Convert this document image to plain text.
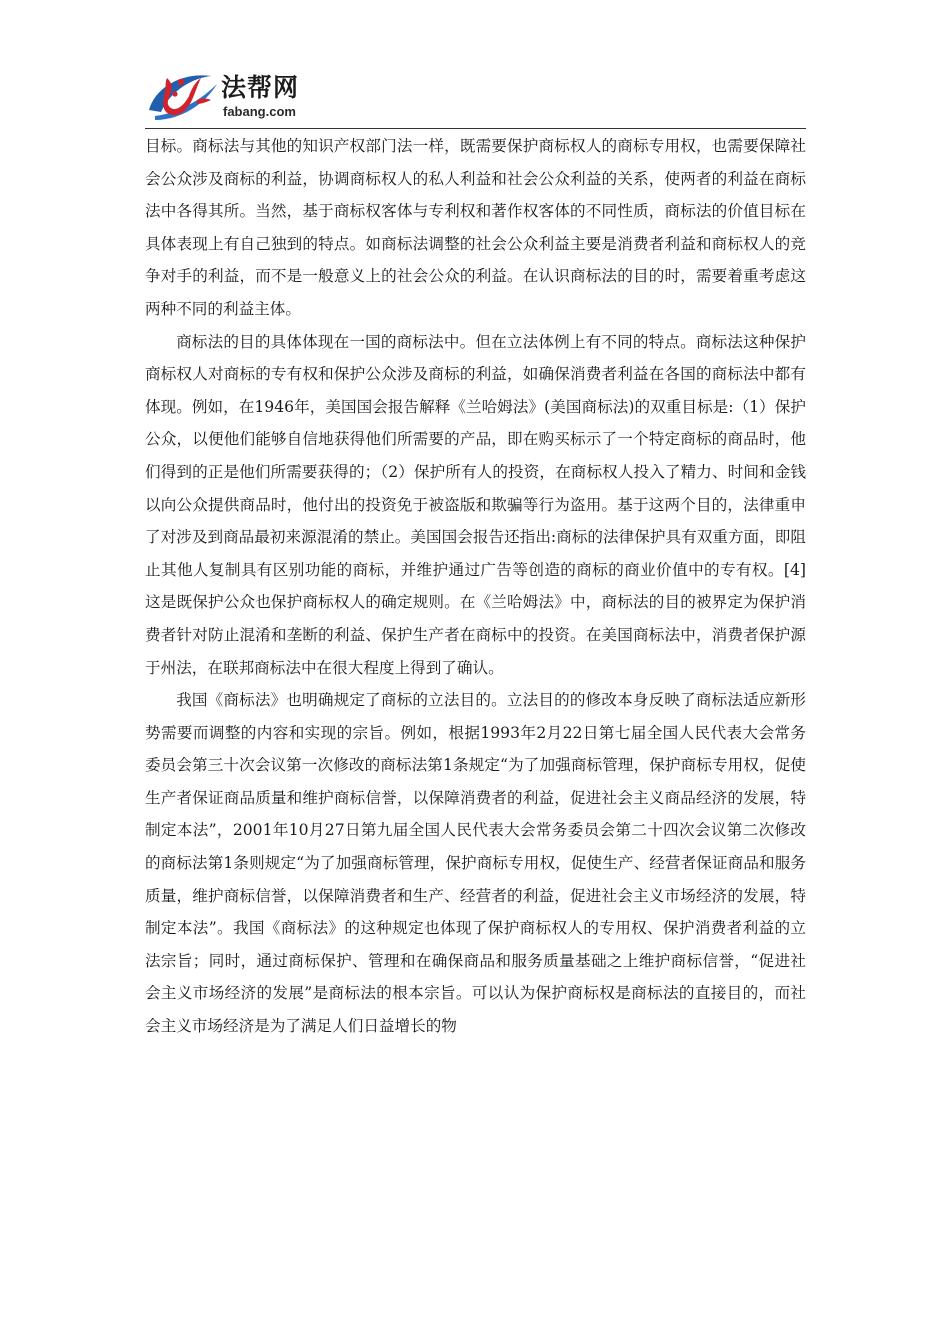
法帮网
fabang.com

目标。商标法与其他的知识产权部门法一样，既需要保护商标权人的商标专用权，也需要保障社会公众涉及商标的利益，协调商标权人的私人利益和社会公众利益的关系，使两者的利益在商标法中各得其所。当然，基于商标权客体与专利权和著作权客体的不同性质，商标法的价值目标在具体表现上有自己独到的特点。如商标法调整的社会公众利益主要是消费者利益和商标权人的竞争对手的利益，而不是一般意义上的社会公众的利益。在认识商标法的目的时，需要着重考虑这两种不同的利益主体。

商标法的目的具体体现在一国的商标法中。但在立法体例上有不同的特点。商标法这种保护商标权人对商标的专有权和保护公众涉及商标的利益，如确保消费者利益在各国的商标法中都有体现。例如，在1946年，美国国会报告解释《兰哈姆法》(美国商标法)的双重目标是:（1）保护公众，以便他们能够自信地获得他们所需要的产品，即在购买标示了一个特定商标的商品时，他们得到的正是他们所需要获得的；（2）保护所有人的投资，在商标权人投入了精力、时间和金钱以向公众提供商品时，他付出的投资免于被盗版和欺骗等行为盗用。基于这两个目的，法律重申了对涉及到商品最初来源混淆的禁止。美国国会报告还指出:商标的法律保护具有双重方面，即阻止其他人复制具有区别功能的商标，并维护通过广告等创造的商标的商业价值中的专有权。[4]这是既保护公众也保护商标权人的确定规则。在《兰哈姆法》中，商标法的目的被界定为保护消费者针对防止混淆和垄断的利益、保护生产者在商标中的投资。在美国商标法中，消费者保护源于州法，在联邦商标法中在很大程度上得到了确认。

我国《商标法》也明确规定了商标的立法目的。立法目的的修改本身反映了商标法适应新形势需要而调整的内容和实现的宗旨。例如，根据1993年2月22日第七届全国人民代表大会常务委员会第三十次会议第一次修改的商标法第1条规定“为了加强商标管理，保护商标专用权，促使生产者保证商品质量和维护商标信誉，以保障消费者的利益，促进社会主义商品经济的发展，特制定本法”，2001年10月27日第九届全国人民代表大会常务委员会第二十四次会议第二次修改的商标法第1条则规定“为了加强商标管理，保护商标专用权，促使生产、经营者保证商品和服务质量，维护商标信誉，以保障消费者和生产、经营者的利益，促进社会主义市场经济的发展，特制定本法”。我国《商标法》的这种规定也体现了保护商标权人的专用权、保护消费者利益的立法宗旨；同时，通过商标保护、管理和在确保商品和服务质量基础之上维护商标信誉，“促进社会主义市场经济的发展”是商标法的根本宗旨。可以认为保护商标权是商标法的直接目的，而社会主义市场经济是为了满足人们日益增长的物
